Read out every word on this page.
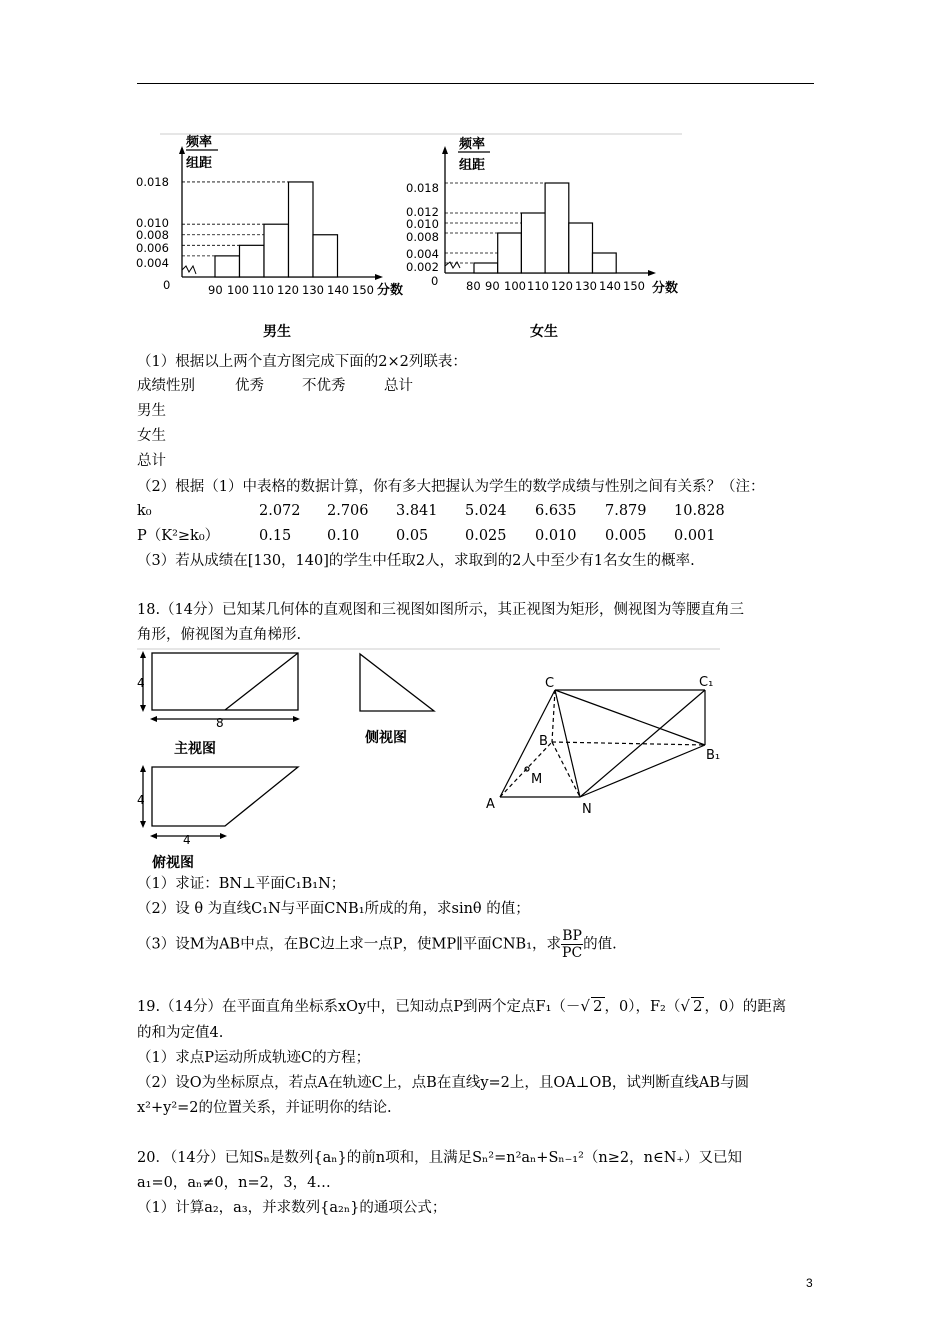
频率
组距
0.018
0.010
0.008
0.006
0.004
0	90 100 110 120 130 140 150 分数
男生
频率
组距
0.018
0.012
0.010
0.008
0.004
0.002
0 80 90 100 110 120 130 140 150 分数
女生
（1）根据以上两个直方图完成下面的2×2列联表：
成绩性别	优秀	不优秀	总计
男生
女生
总计
（2）根据（1）中表格的数据计算，你有多大把握认为学生的数学成绩与性别之间有关系？（注：
k₀	2.072 2.706 3.841 5.024 6.635 7.879 10.828
P（K²≥k₀）	0.15 0.10	0.05	0.025 0.010 0.005 0.001
（3）若从成绩在[130，140]的学生中任取2人，求取到的2人中至少有1名女生的概率.
18.（14分）已知某几何体的直观图和三视图如图所示，其正视图为矩形，侧视图为等腰直角三
角形，俯视图为直角梯形.
4
8
主视图
侧视图
4
4
俯视图
C	C₁
B
B₁
M
A	N
（1）求证：BN⊥平面C₁B₁N；
（2）设 θ 为直线C₁N与平面CNB₁所成的角，求sinθ 的值；
（3）设M为AB中点，在BC边上求一点P，使MP∥平面CNB₁，求 $\frac{BP}{PC}$ 的值.
19.（14分）在平面直角坐标系xOy中，已知动点P到两个定点F₁（－√ 2 ，0），F₂（√ 2 ，0）的距离
的和为定值4.
（1）求点P运动所成轨迹C的方程；
（2）设O为坐标原点，若点A在轨迹C上，点B在直线y=2上，且OA⊥OB，试判断直线AB与圆
x²+y²=2的位置关系，并证明你的结论.
20．（14分）已知Sₙ是数列{aₙ}的前n项和，且满足Sₙ²=n²aₙ+Sₙ₋₁²（n≥2，n∈N₊）又已知
a₁=0，aₙ≠0，n=2，3，4…
（1）计算a₂，a₃，并求数列{a₂ₙ}的通项公式；
3
